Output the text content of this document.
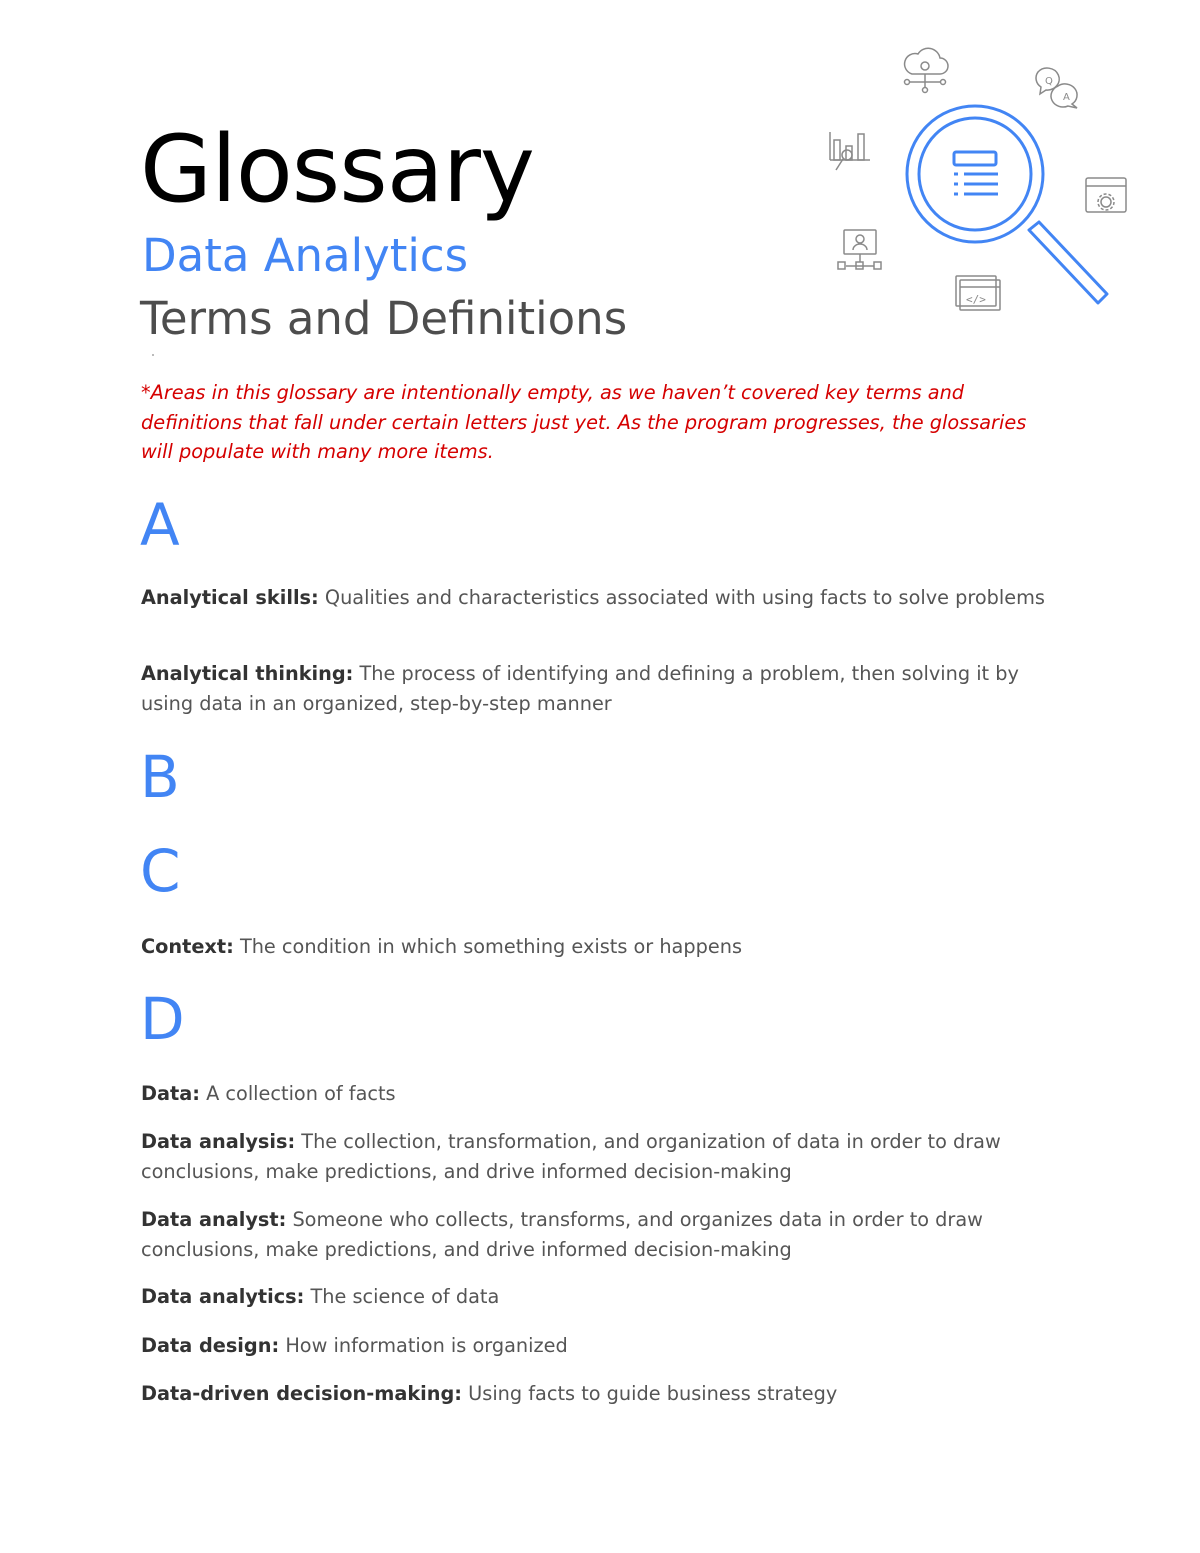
Glossary
Data Analytics
Terms and Definitions

*Areas in this glossary are intentionally empty, as we haven’t covered key terms and definitions that fall under certain letters just yet. As the program progresses, the glossaries will populate with many more items.

A

Analytical skills: Qualities and characteristics associated with using facts to solve problems

Analytical thinking: The process of identifying and defining a problem, then solving it by using data in an organized, step-by-step manner

B
C

Context: The condition in which something exists or happens

D

Data: A collection of facts

Data analysis: The collection, transformation, and organization of data in order to draw conclusions, make predictions, and drive informed decision-making

Data analyst: Someone who collects, transforms, and organizes data in order to draw conclusions, make predictions, and drive informed decision-making

Data analytics: The science of data

Data design: How information is organized

Data-driven decision-making: Using facts to guide business strategy

Q
A
</>
